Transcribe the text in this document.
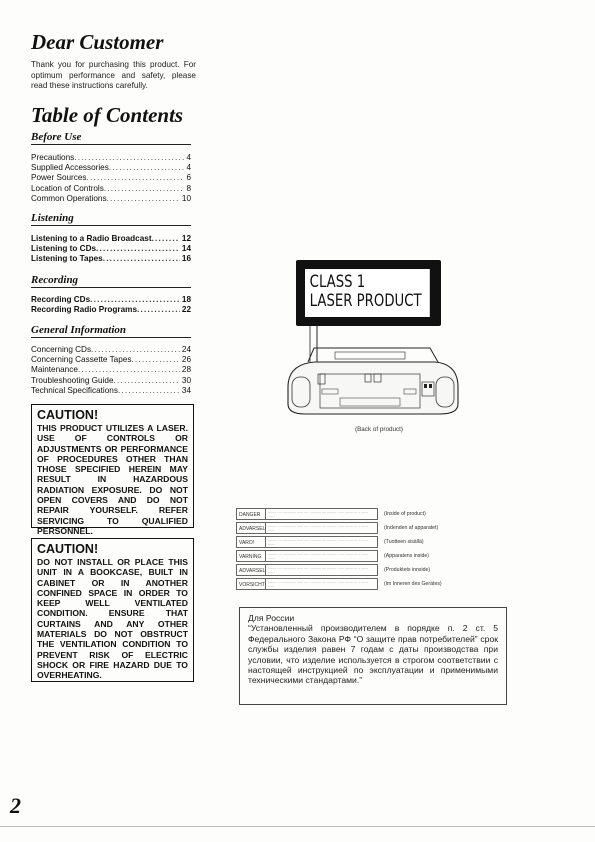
Dear Customer
Thank you for purchasing this product. For optimum performance and safety, please read these instructions carefully.
Table of Contents
Before Use
Precautions .....	4
Supplied Accessories .....	4
Power Sources .....	6
Location of Controls .....	8
Common Operations .....	10
Listening
Listening to a Radio Broadcast .....	12
Listening to CDs .....	14
Listening to Tapes .....	16
Recording
Recording CDs .....	18
Recording Radio Programs .....	22
General Information
Concerning CDs .....	24
Concerning Cassette Tapes .....	26
Maintenance .....	28
Troubleshooting Guide .....	30
Technical Specifications .....	34
CAUTION!
THIS PRODUCT UTILIZES A LASER. USE OF CONTROLS OR ADJUSTMENTS OR PERFORMANCE OF PROCEDURES OTHER THAN THOSE SPECIFIED HEREIN MAY RESULT IN HAZARDOUS RADIATION EXPOSURE. DO NOT OPEN COVERS AND DO NOT REPAIR YOURSELF. REFER SERVICING TO QUALIFIED PERSONNEL.
CAUTION!
DO NOT INSTALL OR PLACE THIS UNIT IN A BOOKCASE, BUILT IN CABINET OR IN ANOTHER CONFINED SPACE IN ORDER TO KEEP WELL VENTILATED CONDITION. ENSURE THAT CURTAINS AND ANY OTHER MATERIALS DO NOT OBSTRUCT THE VENTILATION CONDITION TO PREVENT RISK OF ELECTRIC SHOCK OR FIRE HAZARD DUE TO OVERHEATING.
CLASS 1
LASER PRODUCT
(Back of product)
DANGER	........ . ... ............. ...... .... . .......... .... ......... . ..... ........ ... .. ....... .......	(Inside of product)
ADVARSEL ........ . ... ............. ...... .... . .......... .... ......... . ..... ........ ... .. ....... .......	(Indenden af apparatet)
VARO!	........ . ... ............. ...... .... . .......... .... ......... . ..... ........ ... .. ....... .......	(Tuotteen sisällä)
VARNING	........ . ... ............. ...... .... . .......... .... ......... . ..... ........ ... .. ....... .......	(Apparatens inside)
ADVARSEL ........ . ... ............. ...... .... . .......... .... ......... . ..... ........ ... .. ....... .......	(Produktets innside)
VORSICHT ........ . ... ............. ...... .... . .......... .... ......... . ..... ........ ... .. ....... .......	(im Inneren des Gerätes)
Для России
“Установленный производителем в порядке п. 2 ст. 5 Федерального Закона РФ “О защите прав потребителей” срок службы изделия равен 7 годам с даты производства при условии, что изделие используется в строгом соответствии с настоящей инструкцией по эксплуатации и применимыми техническими стандартами.”
2
